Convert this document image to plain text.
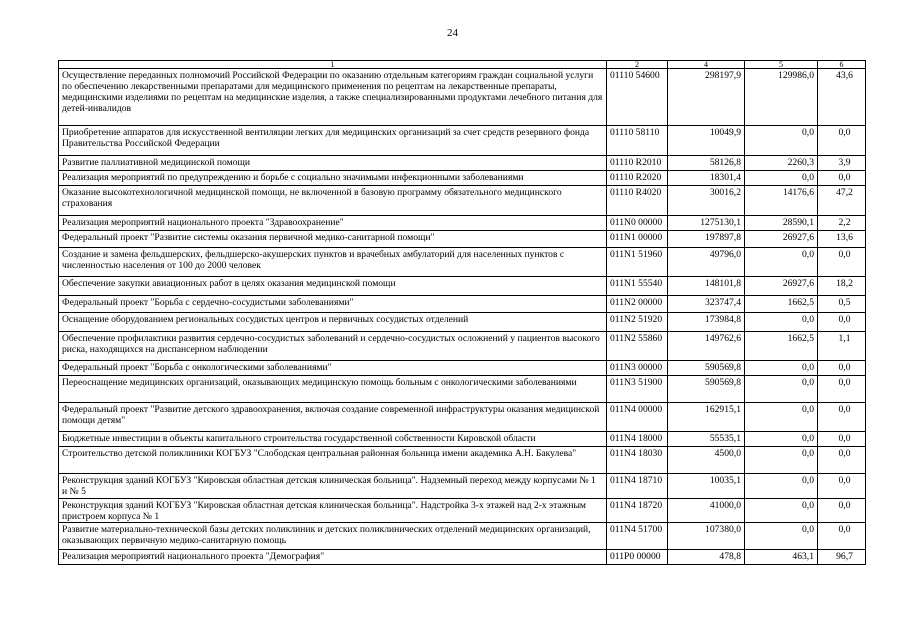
24
1	2	4	5	6
Осуществление переданных полномочий Российской Федерации по оказанию отдельным категориям граждан социальной услуги по обеспечению лекарственными препаратами для медицинского применения по рецептам на лекарственные препараты, медицинскими изделиями по рецептам на медицинские изделия, а также специализированными продуктами лечебного питания для детей-инвалидов	01110 54600	298197,9	129986,0	43,6
Приобретение аппаратов для искусственной вентиляции легких для медицинских организаций за счет средств резервного фонда Правительства Российской Федерации	01110 58110	10049,9	0,0	0,0
Развитие паллиативной медицинской помощи	01110 R2010	58126,8	2260,3	3,9
Реализация мероприятий по предупреждению и борьбе с социально значимыми инфекционными заболеваниями	01110 R2020	18301,4	0,0	0,0
Оказание высокотехнологичной медицинской помощи, не включенной в базовую программу обязательного медицинского страхования	01110 R4020	30016,2	14176,6	47,2
Реализация мероприятий национального проекта "Здравоохранение"	011N0 00000	1275130,1	28590,1	2,2
Федеральный проект "Развитие системы оказания первичной медико-санитарной помощи"	011N1 00000	197897,8	26927,6	13,6
Создание и замена фельдшерских, фельдшерско-акушерских пунктов и врачебных амбулаторий для населенных пунктов с численностью населения от 100 до 2000 человек	011N1 51960	49796,0	0,0	0,0
Обеспечение закупки авиационных работ в целях оказания медицинской помощи	011N1 55540	148101,8	26927,6	18,2
Федеральный проект "Борьба с сердечно-сосудистыми заболеваниями"	011N2 00000	323747,4	1662,5	0,5
Оснащение оборудованием региональных сосудистых центров и первичных сосудистых отделений	011N2 51920	173984,8	0,0	0,0
Обеспечение профилактики развития сердечно-сосудистых заболеваний и сердечно-сосудистых осложнений у пациентов высокого риска, находящихся на диспансерном наблюдении	011N2 55860	149762,6	1662,5	1,1
Федеральный проект "Борьба с онкологическими заболеваниями"	011N3 00000	590569,8	0,0	0,0
Переоснащение медицинских организаций, оказывающих медицинскую помощь больным с онкологическими заболеваниями	011N3 51900	590569,8	0,0	0,0
Федеральный проект "Развитие детского здравоохранения, включая создание современной инфраструктуры оказания медицинской помощи детям"	011N4 00000	162915,1	0,0	0,0
Бюджетные инвестиции в объекты капитального строительства государственной собственности Кировской области	011N4 18000	55535,1	0,0	0,0
Строительство детской поликлиники КОГБУЗ "Слободская центральная районная больница имени академика А.Н. Бакулева"	011N4 18030	4500,0	0,0	0,0
Реконструкция зданий КОГБУЗ "Кировская областная детская клиническая больница". Надземный переход между корпусами № 1 и № 5	011N4 18710	10035,1	0,0	0,0
Реконструкция зданий КОГБУЗ "Кировская областная детская клиническая больница". Надстройка 3-х этажей над 2-х этажным пристроем корпуса № 1	011N4 18720	41000,0	0,0	0,0
Развитие материально-технической базы детских поликлиник и детских поликлинических отделений медицинских организаций, оказывающих первичную медико-санитарную помощь	011N4 51700	107380,0	0,0	0,0
Реализация мероприятий национального проекта "Демография"	011P0 00000	478,8	463,1	96,7
